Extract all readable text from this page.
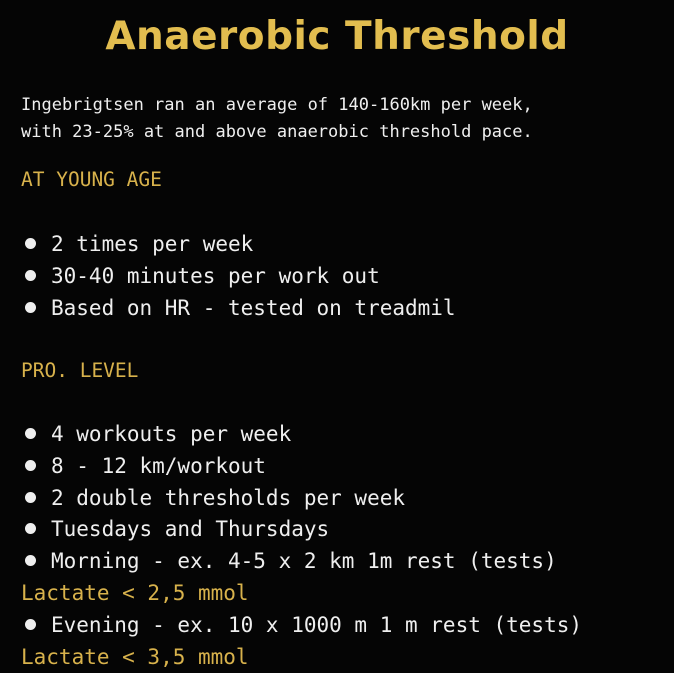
Anaerobic Threshold
Ingebrigtsen ran an average of 140-160km per week,
with 23-25% at and above anaerobic threshold pace.
AT YOUNG AGE
2 times per week
30-40 minutes per work out
Based on HR - tested on treadmil
PRO. LEVEL
4 workouts per week
8 - 12 km/workout
2 double thresholds per week
Tuesdays and Thursdays
Morning - ex. 4-5 x 2 km 1m rest (tests)
Lactate < 2,5 mmol
Evening - ex. 10 x 1000 m 1 m rest (tests)
Lactate < 3,5 mmol
